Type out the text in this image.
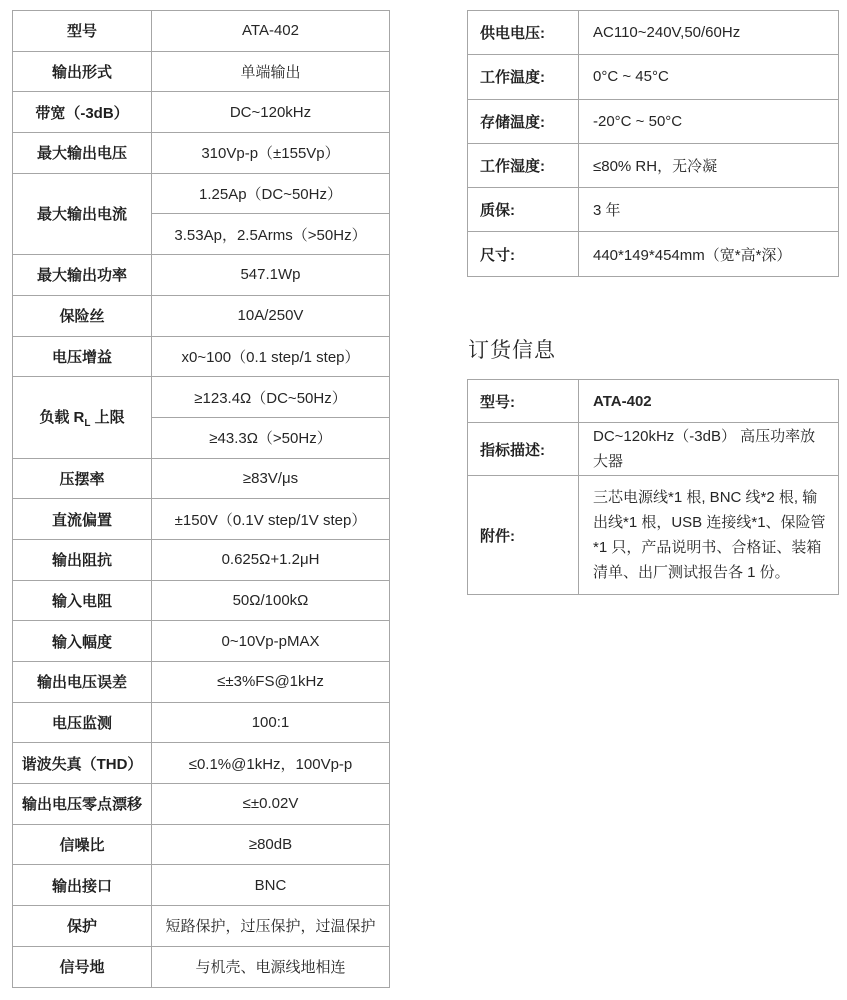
型号	ATA-402
输出形式	单端输出
带宽（-3dB）	DC~120kHz
最大输出电压	310Vp-p（±155Vp）
最大输出电流	1.25Ap（DC~50Hz）
	3.53Ap，2.5Arms（>50Hz）
最大输出功率	547.1Wp
保险丝	10A/250V
电压增益	x0~100（0.1 step/1 step）
负载 $R_L$ 上限	≥123.4Ω（DC~50Hz）
	≥43.3Ω（>50Hz）
压摆率	≥83V/μs
直流偏置	±150V（0.1V step/1V step）
输出阻抗	0.625Ω+1.2μH
输入电阻	50Ω/100kΩ
输入幅度	0~10Vp-pMAX
输出电压误差	≤±3%FS@1kHz
电压监测	100:1
谐波失真（THD）	≤0.1%@1kHz，100Vp-p
输出电压零点漂移	≤±0.02V
信噪比	≥80dB
输出接口	BNC
保护	短路保护，过压保护，过温保护
信号地	与机壳、电源线地相连
供电电压:	AC110~240V,50/60Hz
工作温度:	0°C ~ 45°C
存储温度:	-20°C ~ 50°C
工作湿度:	≤80% RH，无冷凝
质保:	3 年
尺寸:	440*149*454mm（宽*高*深）
订货信息
型号:	ATA-402
指标描述:	DC~120kHz（-3dB） 高压功率放大器
附件:	三芯电源线*1 根, BNC 线*2 根, 输出线*1 根，USB 连接线*1、保险管*1 只，产品说明书、合格证、装箱清单、出厂测试报告各 1 份。
